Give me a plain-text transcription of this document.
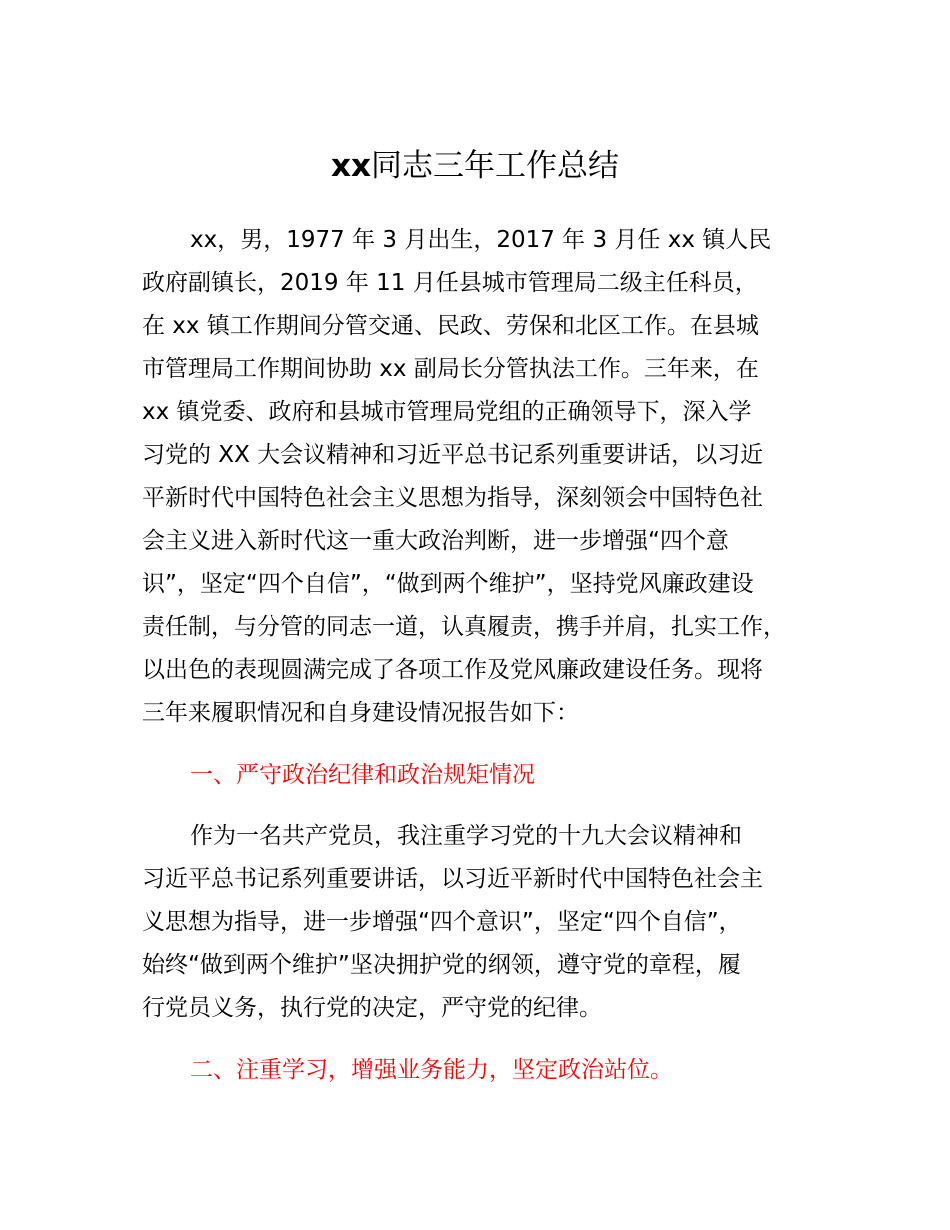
xx同志三年工作总结

xx，男，1977 年 3 月出生，2017 年 3 月任 xx 镇人民

政府副镇长，2019 年 11 月任县城市管理局二级主任科员，

在 xx 镇工作期间分管交通、民政、劳保和北区工作。在县城

市管理局工作期间协助 xx 副局长分管执法工作。三年来，在

xx 镇党委、政府和县城市管理局党组的正确领导下，深入学

习党的 XX 大会议精神和习近平总书记系列重要讲话，以习近

平新时代中国特色社会主义思想为指导，深刻领会中国特色社

会主义进入新时代这一重大政治判断，进一步增强“四个意

识”，坚定“四个自信”，“做到两个维护”，坚持党风廉政建设

责任制，与分管的同志一道，认真履责，携手并肩，扎实工作，

以出色的表现圆满完成了各项工作及党风廉政建设任务。现将

三年来履职情况和自身建设情况报告如下：

一、严守政治纪律和政治规矩情况

作为一名共产党员，我注重学习党的十九大会议精神和

习近平总书记系列重要讲话，以习近平新时代中国特色社会主

义思想为指导，进一步增强“四个意识”，坚定“四个自信”，

始终“做到两个维护”坚决拥护党的纲领，遵守党的章程，履

行党员义务，执行党的决定，严守党的纪律。

二、注重学习，增强业务能力，坚定政治站位。
